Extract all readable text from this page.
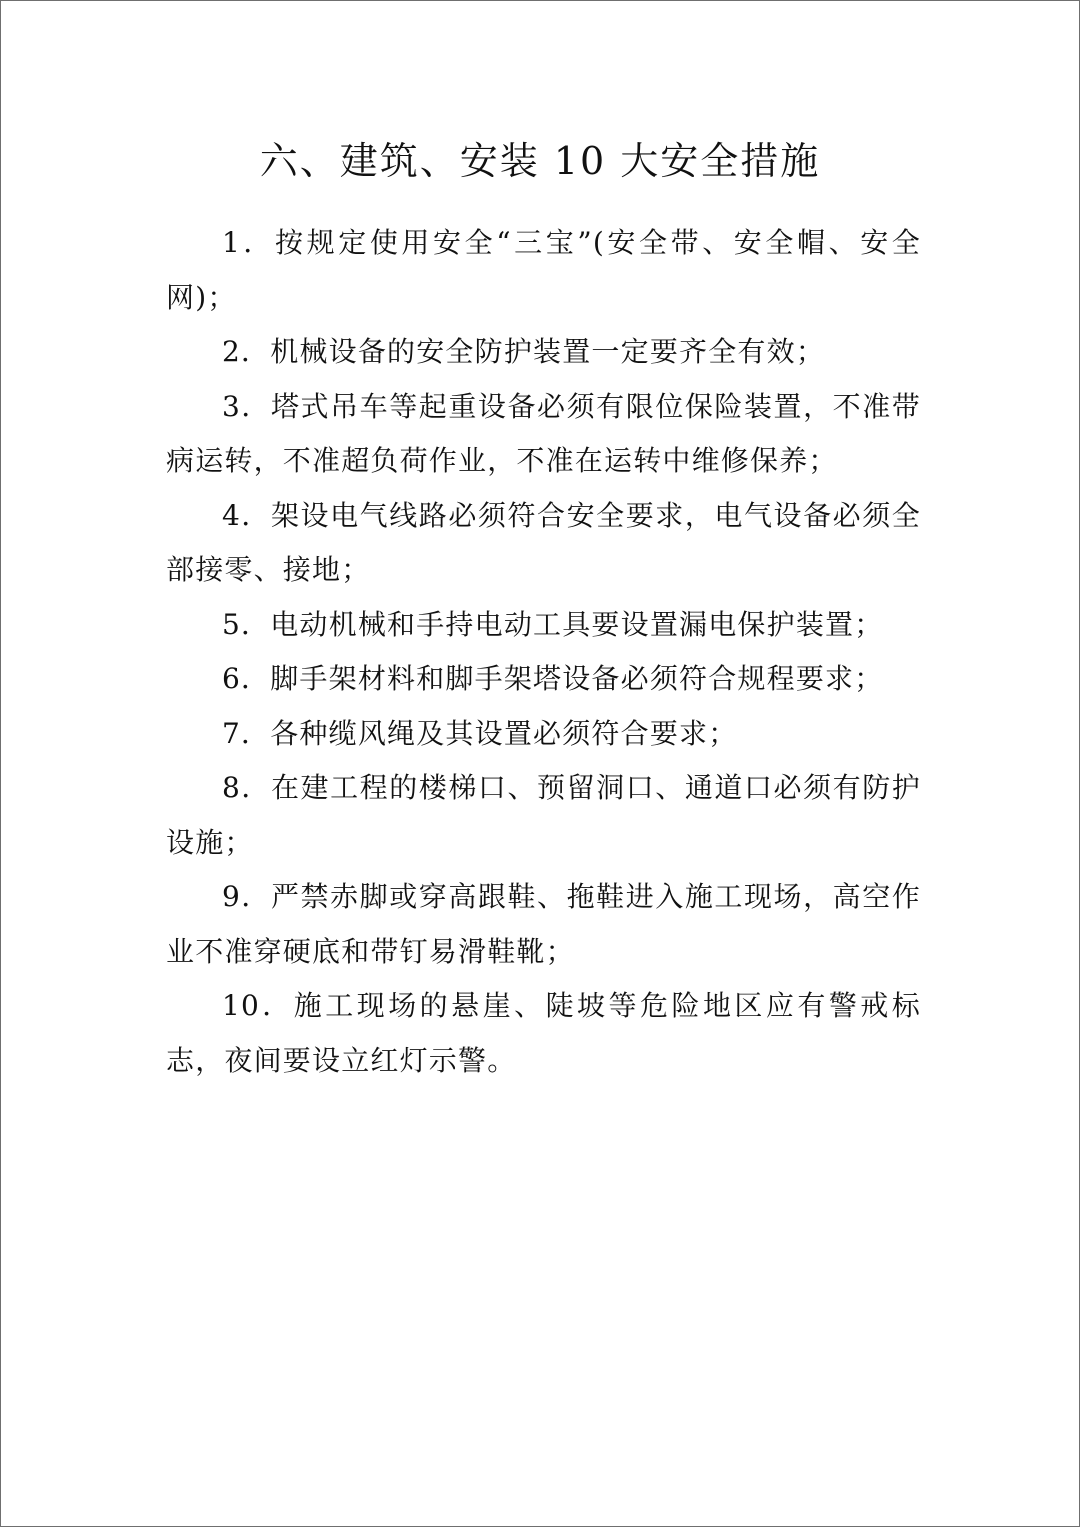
六、建筑、安装 10 大安全措施

1．按规定使用安全“三宝”(安全带、安全帽、安全网)；

2．机械设备的安全防护装置一定要齐全有效；

3．塔式吊车等起重设备必须有限位保险装置，不准带病运转，不准超负荷作业，不准在运转中维修保养；

4．架设电气线路必须符合安全要求，电气设备必须全部接零、接地；

5．电动机械和手持电动工具要设置漏电保护装置；

6．脚手架材料和脚手架塔设备必须符合规程要求；

7．各种缆风绳及其设置必须符合要求；

8．在建工程的楼梯口、预留洞口、通道口必须有防护设施；

9．严禁赤脚或穿高跟鞋、拖鞋进入施工现场，高空作业不准穿硬底和带钉易滑鞋靴；

10．施工现场的悬崖、陡坡等危险地区应有警戒标志，夜间要设立红灯示警。
